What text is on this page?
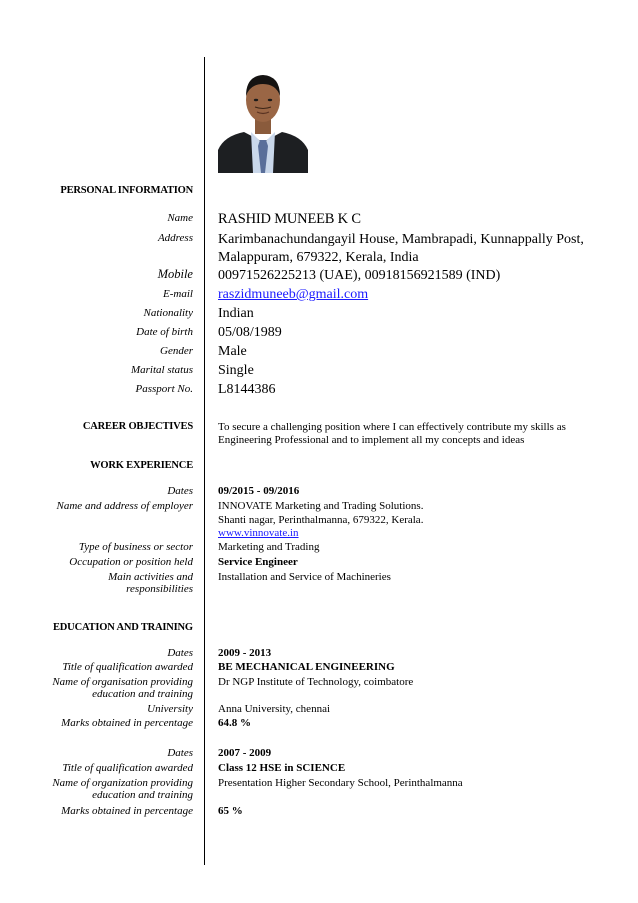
PERSONAL INFORMATION
Name RASHID MUNEEB K C
Address Karimbanachundangayil House, Mambrapadi, Kunnappally Post,
Malappuram, 679322, Kerala, India
Mobile 00971526225213 (UAE), 00918156921589 (IND)
E-mail raszidmuneeb@gmail.com
Nationality Indian
Date of birth 05/08/1989
Gender Male
Marital status Single
Passport No. L8144386
CAREER OBJECTIVES To secure a challenging position where I can effectively contribute my skills as
Engineering Professional and to implement all my concepts and ideas
WORK EXPERIENCE
Dates 09/2015 - 09/2016
Name and address of employer INNOVATE Marketing and Trading Solutions.
Shanti nagar, Perinthalmanna, 679322, Kerala.
www.vinnovate.in
Type of business or sector Marketing and Trading
Occupation or position held Service Engineer
Main activities and
responsibilities
Installation and Service of Machineries
EDUCATION AND TRAINING
Dates 2009 - 2013
Title of qualification awarded BE MECHANICAL ENGINEERING
Name of organisation providing
education and training
Dr NGP Institute of Technology, coimbatore
University Anna University, chennai
Marks obtained in percentage 64.8 %
Dates 2007 - 2009
Title of qualification awarded Class 12 HSE in SCIENCE
Name of organization providing
education and training
Presentation Higher Secondary School, Perinthalmanna
Marks obtained in percentage 65 %
